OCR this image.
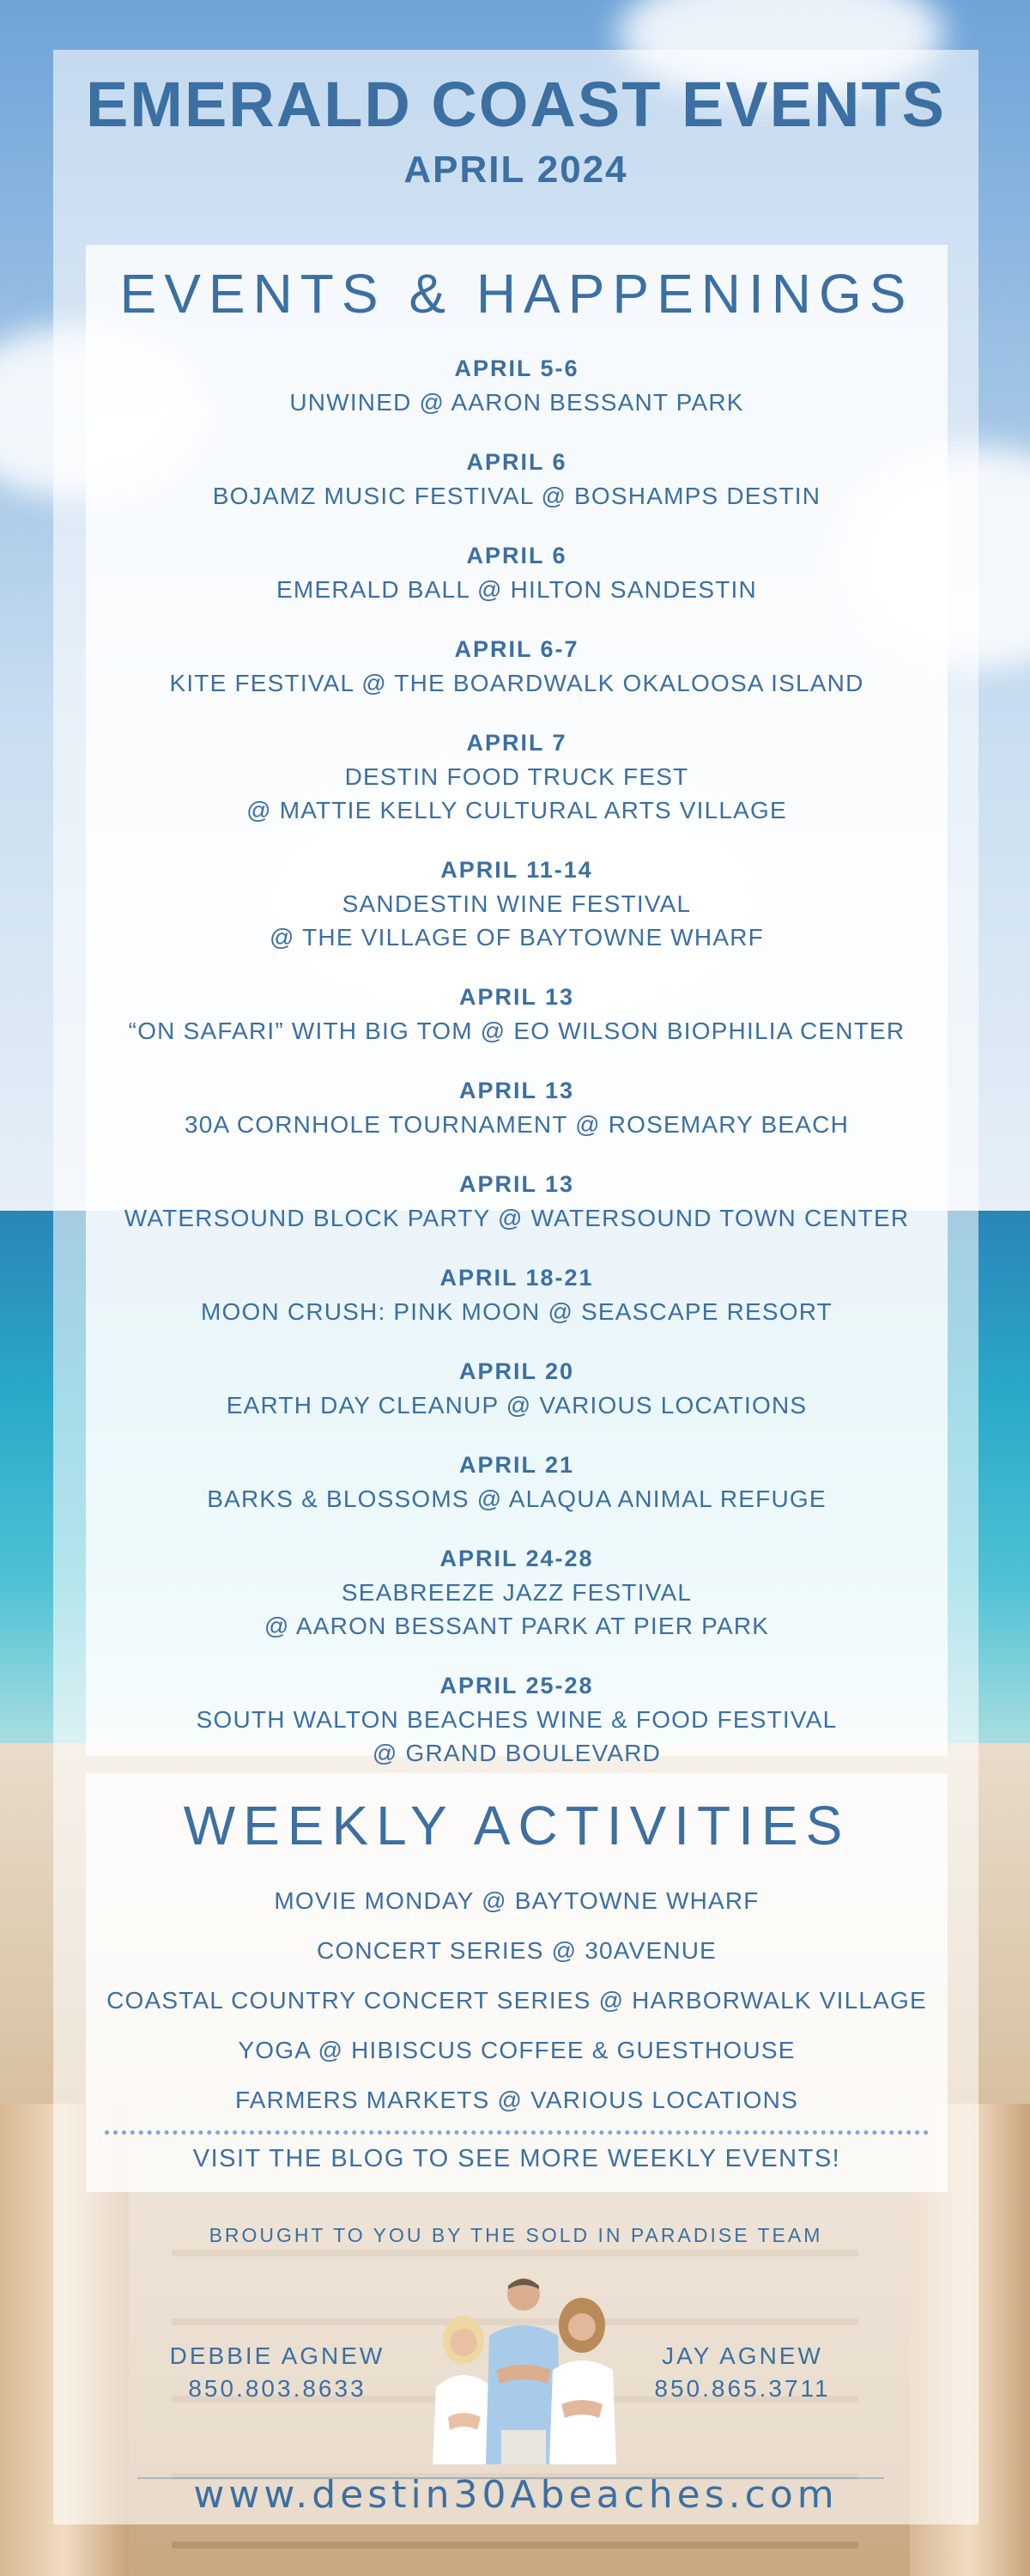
EMERALD COAST EVENTS
APRIL 2024
EVENTS & HAPPENINGS
APRIL 5-6
UNWINED @ AARON BESSANT PARK
APRIL 6
BOJAMZ MUSIC FESTIVAL @ BOSHAMPS DESTIN
APRIL 6
EMERALD BALL @ HILTON SANDESTIN
APRIL 6-7
KITE FESTIVAL @ THE BOARDWALK OKALOOSA ISLAND
APRIL 7
DESTIN FOOD TRUCK FEST
@ MATTIE KELLY CULTURAL ARTS VILLAGE
APRIL 11-14
SANDESTIN WINE FESTIVAL
@ THE VILLAGE OF BAYTOWNE WHARF
APRIL 13
“ON SAFARI” WITH BIG TOM @ EO WILSON BIOPHILIA CENTER
APRIL 13
30A CORNHOLE TOURNAMENT @ ROSEMARY BEACH
APRIL 13
WATERSOUND BLOCK PARTY @ WATERSOUND TOWN CENTER
APRIL 18-21
MOON CRUSH: PINK MOON @ SEASCAPE RESORT
APRIL 20
EARTH DAY CLEANUP @ VARIOUS LOCATIONS
APRIL 21
BARKS & BLOSSOMS @ ALAQUA ANIMAL REFUGE
APRIL 24-28
SEABREEZE JAZZ FESTIVAL
@ AARON BESSANT PARK AT PIER PARK
APRIL 25-28
SOUTH WALTON BEACHES WINE & FOOD FESTIVAL
@ GRAND BOULEVARD
WEEKLY ACTIVITIES
MOVIE MONDAY @ BAYTOWNE WHARF
CONCERT SERIES @ 30AVENUE
COASTAL COUNTRY CONCERT SERIES @ HARBORWALK VILLAGE
YOGA @ HIBISCUS COFFEE & GUESTHOUSE
FARMERS MARKETS @ VARIOUS LOCATIONS
VISIT THE BLOG TO SEE MORE WEEKLY EVENTS!
BROUGHT TO YOU BY THE SOLD IN PARADISE TEAM
DEBBIE AGNEW
850.803.8633
JAY AGNEW
850.865.3711
www.destin30Abeaches.com
